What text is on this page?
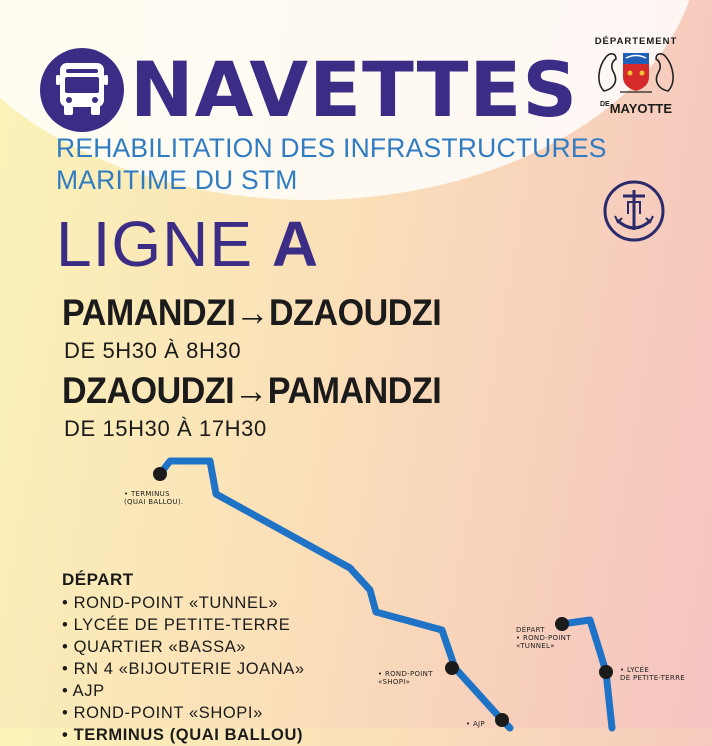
NAVETTES
REHABILITATION DES INFRASTRUCTURES
MARITIME DU STM
DÉPARTEMENT
$^{DE}$MAYOTTE
LIGNE A
PAMANDZI→DZAOUDZI
DE 5H30 À 8H30
DZAOUDZI→PAMANDZI
DE 15H30 À 17H30
• TERMINUS
(QUAI BALLOU).
DÉPART
• ROND-POINT
«TUNNEL»
• LYCÉE
DE PETITE-TERRE
• ROND-POINT
«SHOPI»
• AJP
DÉPART
• ROND-POINT «TUNNEL»
• LYCÉE DE PETITE-TERRE
• QUARTIER «BASSA»
• RN 4 «BIJOUTERIE JOANA»
• AJP
• ROND-POINT «SHOPI»
• TERMINUS (QUAI BALLOU)
